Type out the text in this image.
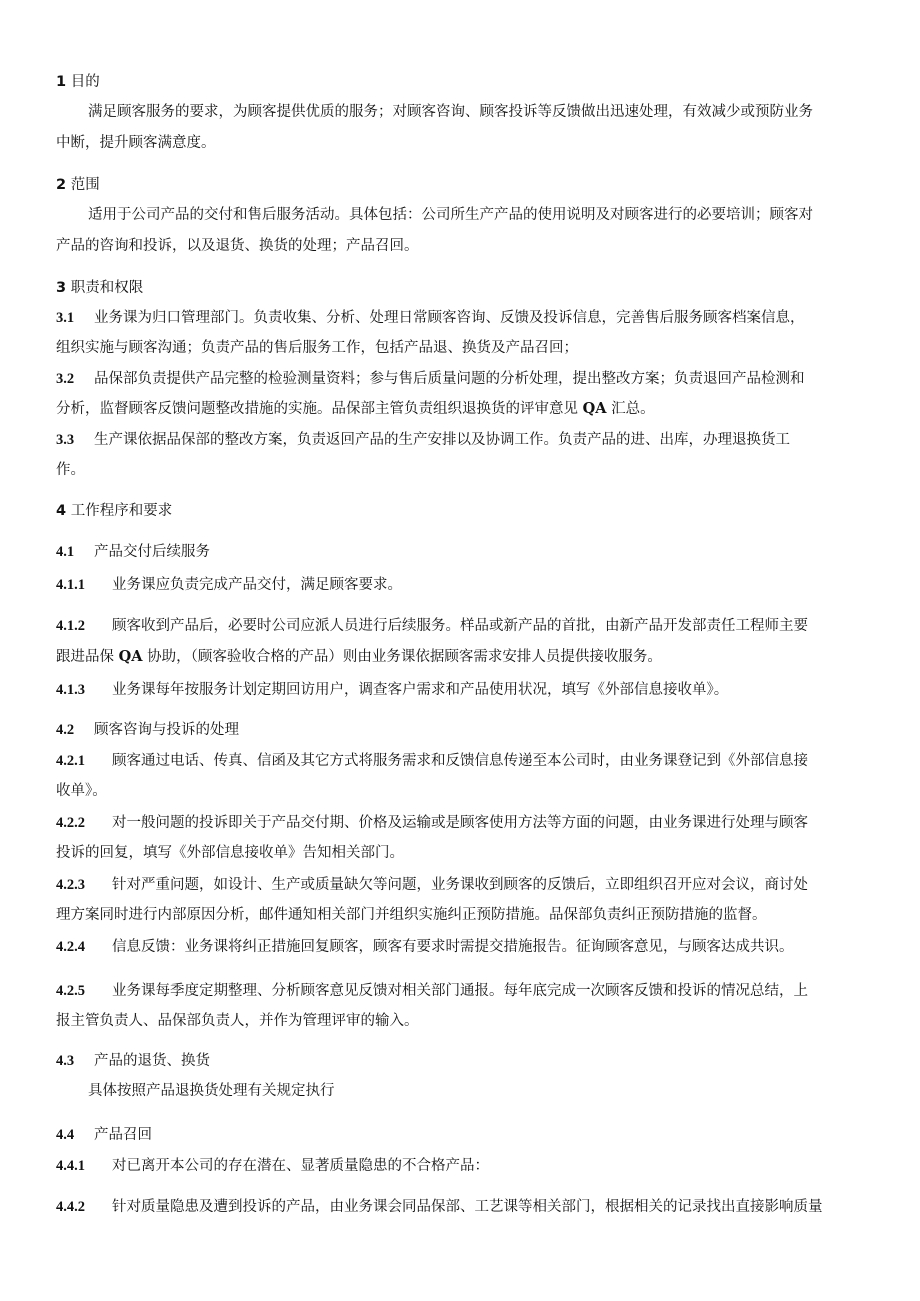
1 目的
满足顾客服务的要求，为顾客提供优质的服务；对顾客咨询、顾客投诉等反馈做出迅速处理，有效减少或预防业务
中断，提升顾客满意度。
2 范围
适用于公司产品的交付和售后服务活动。具体包括：公司所生产产品的使用说明及对顾客进行的必要培训；顾客对
产品的咨询和投诉，以及退货、换货的处理；产品召回。
3 职责和权限
3.1 业务课为归口管理部门。负责收集、分析、处理日常顾客咨询、反馈及投诉信息，完善售后服务顾客档案信息，
组织实施与顾客沟通；负责产品的售后服务工作，包括产品退、换货及产品召回；
3.2 品保部负责提供产品完整的检验测量资料；参与售后质量问题的分析处理，提出整改方案；负责退回产品检测和
分析，监督顾客反馈问题整改措施的实施。品保部主管负责组织退换货的评审意见 QA 汇总。
3.3 生产课依据品保部的整改方案，负责返回产品的生产安排以及协调工作。负责产品的进、出库，办理退换货工
作。
4 工作程序和要求
4.1 产品交付后续服务
4.1.1 业务课应负责完成产品交付，满足顾客要求。
4.1.2 顾客收到产品后，必要时公司应派人员进行后续服务。样品或新产品的首批，由新产品开发部责任工程师主要
跟进品保 QA 协助，（顾客验收合格的产品）则由业务课依据顾客需求安排人员提供接收服务。
4.1.3 业务课每年按服务计划定期回访用户，调查客户需求和产品使用状况，填写《外部信息接收单》。
4.2 顾客咨询与投诉的处理
4.2.1 顾客通过电话、传真、信函及其它方式将服务需求和反馈信息传递至本公司时，由业务课登记到《外部信息接
收单》。
4.2.2 对一般问题的投诉即关于产品交付期、价格及运输或是顾客使用方法等方面的问题，由业务课进行处理与顾客
投诉的回复，填写《外部信息接收单》告知相关部门。
4.2.3 针对严重问题，如设计、生产或质量缺欠等问题，业务课收到顾客的反馈后，立即组织召开应对会议，商讨处
理方案同时进行内部原因分析，邮件通知相关部门并组织实施纠正预防措施。品保部负责纠正预防措施的监督。
4.2.4 信息反馈：业务课将纠正措施回复顾客，顾客有要求时需提交措施报告。征询顾客意见，与顾客达成共识。
4.2.5 业务课每季度定期整理、分析顾客意见反馈对相关部门通报。每年底完成一次顾客反馈和投诉的情况总结，上
报主管负责人、品保部负责人，并作为管理评审的输入。
4.3 产品的退货、换货
具体按照产品退换货处理有关规定执行
4.4 产品召回
4.4.1 对已离开本公司的存在潜在、显著质量隐患的不合格产品：
4.4.2 针对质量隐患及遭到投诉的产品，由业务课会同品保部、工艺课等相关部门，根据相关的记录找出直接影响质量
